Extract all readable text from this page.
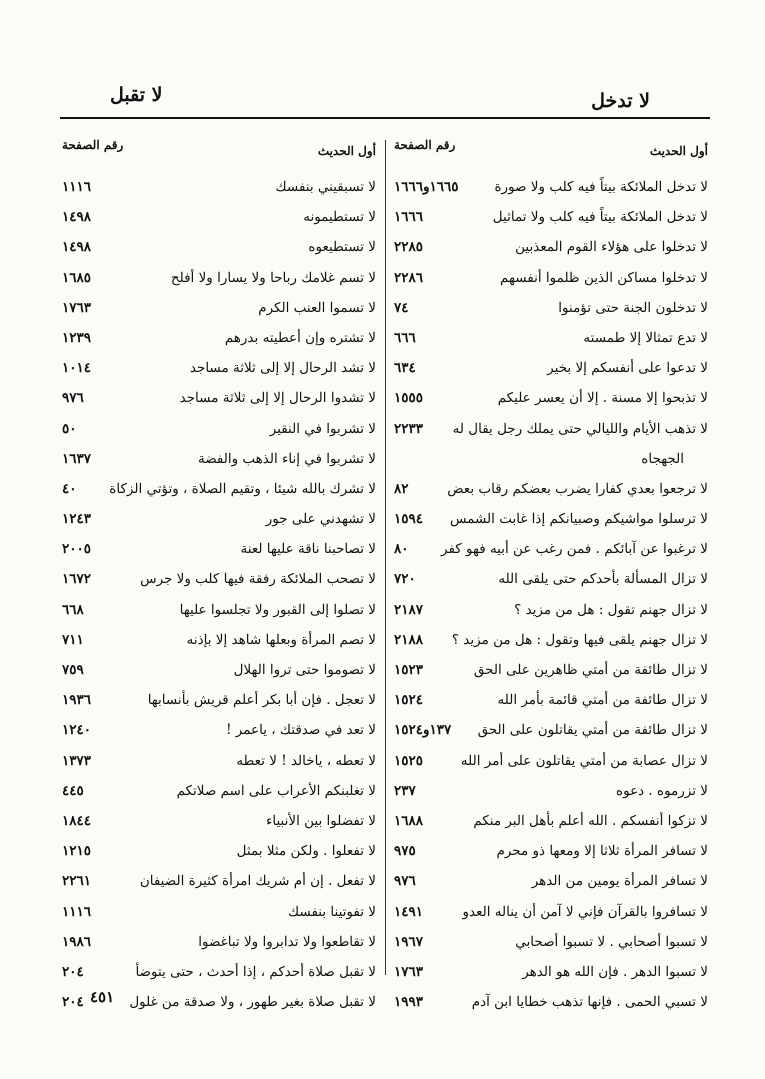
لا تقبل	لا تدخل
أول الحديث
رقم الصفحة
لا تدخل الملائكة بيتاً فيه كلب ولا صورة
١٦٦٥و١٦٦٦
لا تدخل الملائكة بيتاً فيه كلب ولا تماثيل
١٦٦٦
لا تدخلوا على هؤلاء القوم المعذبين
٢٢٨٥
لا تدخلوا مساكن الذين ظلموا أنفسهم
٢٢٨٦
لا تدخلون الجنة حتى تؤمنوا
٧٤
لا تدع تمثالا إلا طمسته
٦٦٦
لا تدعوا على أنفسكم إلا بخير
٦٣٤
لا تذبحوا إلا مسنة . إلا أن يعسر عليكم
١٥٥٥
لا تذهب الأيام والليالي حتى يملك رجل يقال له
٢٢٣٣
الجهجاه
لا ترجعوا بعدي كفارا يضرب بعضكم رقاب بعض
٨٢
لا ترسلوا مواشيكم وصبيانكم إذا غابت الشمس
١٥٩٤
لا ترغبوا عن آبائكم . فمن رغب عن أبيه فهو كفر
٨٠
لا تزال المسألة بأحدكم حتى يلقى الله
٧٢٠
لا تزال جهنم تقول : هل من مزيد ؟
٢١٨٧
لا تزال جهنم يلقى فيها وتقول : هل من مزيد ؟
٢١٨٨
لا تزال طائفة من أمتي ظاهرين على الحق
١٥٢٣
لا تزال طائفة من أمتي قائمة بأمر الله
١٥٢٤
لا تزال طائفة من أمتي يقاتلون على الحق
١٣٧و١٥٢٤
لا تزال عصابة من أمتي يقاتلون على أمر الله
١٥٢٥
لا تزرموه . دعوه
٢٣٧
لا تزكوا أنفسكم . الله أعلم بأهل البر منكم
١٦٨٨
لا تسافر المرأة ثلاثا إلا ومعها ذو محرم
٩٧٥
لا تسافر المرأة يومين من الدهر
٩٧٦
لا تسافروا بالقرآن فإني لا آمن أن يناله العدو
١٤٩١
لا تسبوا أصحابي . لا تسبوا أصحابي
١٩٦٧
لا تسبوا الدهر . فإن الله هو الدهر
١٧٦٣
لا تسبي الحمى . فإنها تذهب خطايا ابن آدم
١٩٩٣
أول الحديث
رقم الصفحة
لا تسبقيني بنفسك
١١١٦
لا تستطيمونه
١٤٩٨
لا تستطيعوه
١٤٩٨
لا تسم غلامك رباحا ولا يسارا ولا أفلح
١٦٨٥
لا تسموا العنب الكرم
١٧٦٣
لا تشتره وإن أعطيته بدرهم
١٢٣٩
لا تشد الرحال إلا إلى ثلاثة مساجد
١٠١٤
لا تشدوا الرحال إلا إلى ثلاثة مساجد
٩٧٦
لا تشربوا في النقير
٥٠
لا تشربوا في إناء الذهب والفضة
١٦٣٧
لا تشرك بالله شيئا ، وتقيم الصلاة ، وتؤتي الزكاة
٤٠
لا تشهدني على جور
١٢٤٣
لا تصاحبنا ناقة عليها لعنة
٢٠٠٥
لا تصحب الملائكة رفقة فيها كلب ولا جرس
١٦٧٢
لا تصلوا إلى القبور ولا تجلسوا عليها
٦٦٨
لا تصم المرأة وبعلها شاهد إلا بإذنه
٧١١
لا تصوموا حتى تروا الهلال
٧٥٩
لا تعجل . فإن أبا بكر أعلم قريش بأنسابها
١٩٣٦
لا تعد في صدقتك ، ياعمر !
١٢٤٠
لا تعطه ، ياخالد ! لا تعطه
١٣٧٣
لا تغلبنكم الأعراب على اسم صلاتكم
٤٤٥
لا تفضلوا بين الأنبياء
١٨٤٤
لا تفعلوا . ولكن مثلا بمثل
١٢١٥
لا تفعل . إن أم شريك امرأة كثيرة الضيفان
٢٢٦١
لا تفوتينا بنفسك
١١١٦
لا تقاطعوا ولا تدابروا ولا تباغضوا
١٩٨٦
لا تقبل صلاة أحدكم ، إذا أحدث ، حتى يتوضأ
٢٠٤
لا تقبل صلاة بغير طهور ، ولا صدقة من غلول
٢٠٤ ٤٥١
